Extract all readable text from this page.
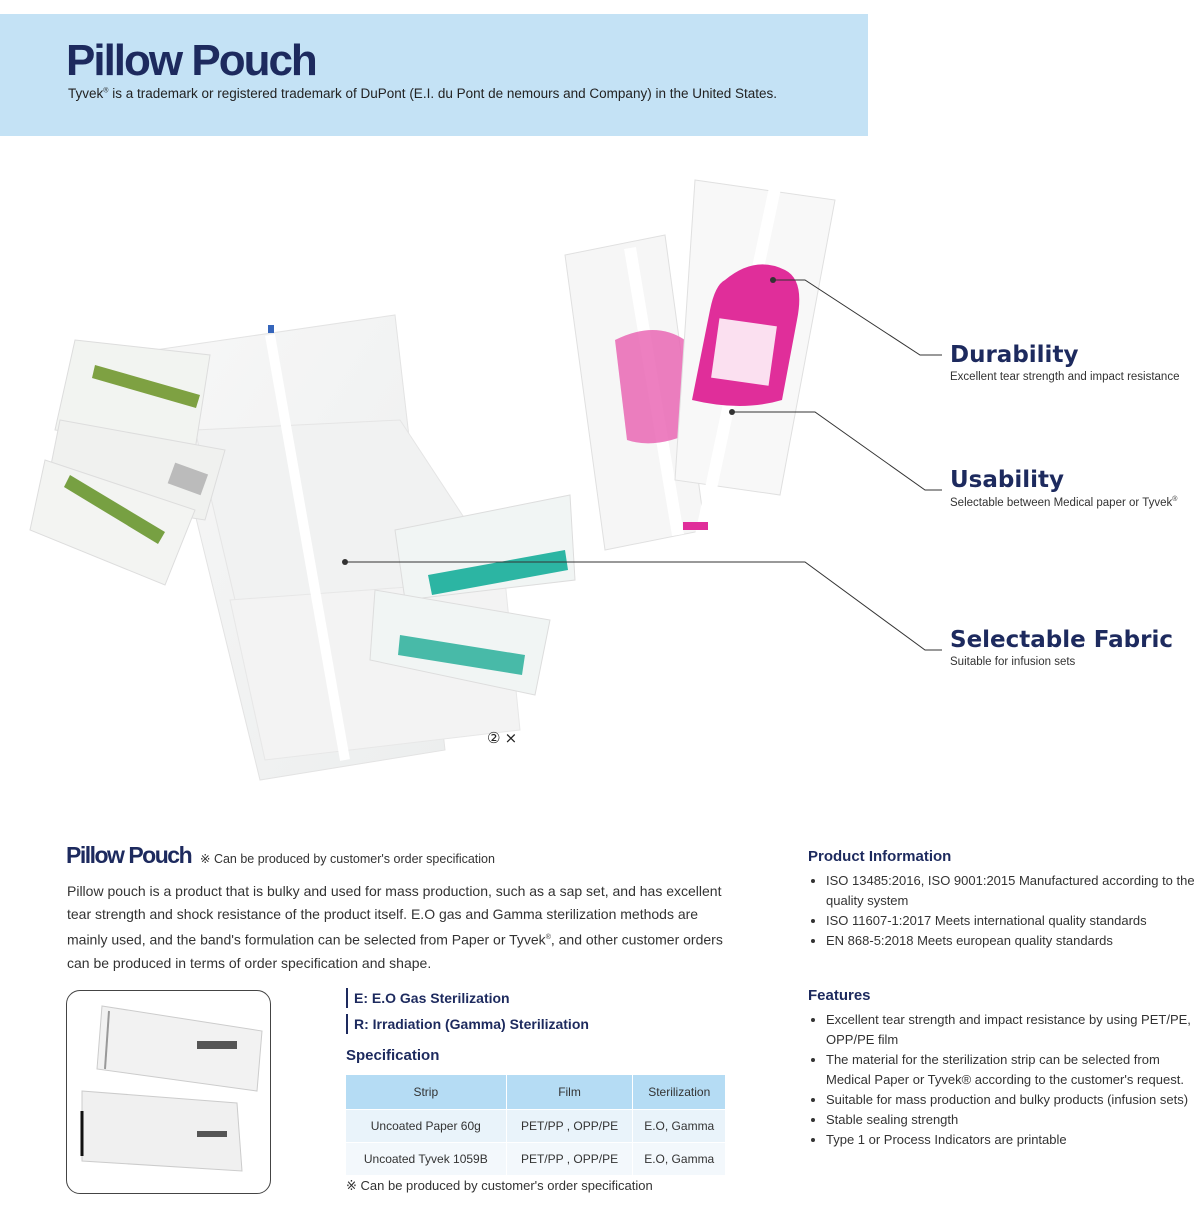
Pillow Pouch
Tyvek® is a trademark or registered trademark of DuPont (E.I. du Pont de nemours and Company) in the United States.
② ⨯
Durability
Excellent tear strength and impact resistance
Usability
Selectable between Medical paper or Tyvek®
Selectable Fabric
Suitable for infusion sets
Pillow Pouch ※ Can be produced by customer's order specification
Pillow pouch is a product that is bulky and used for mass production, such as a sap set, and has excellent tear strength and shock resistance of the product itself. E.O gas and Gamma sterilization methods are mainly used, and the band's formulation can be selected from Paper or Tyvek®, and other customer orders can be produced in terms of order specification and shape.
E: E.O Gas Sterilization
R: Irradiation (Gamma) Sterilization
Specification
Strip	Film	Sterilization
Uncoated Paper 60g	PET/PP , OPP/PE	E.O, Gamma
Uncoated Tyvek 1059B	PET/PP , OPP/PE	E.O, Gamma
※ Can be produced by customer's order specification
Product Information
• ISO 13485:2016, ISO 9001:2015 Manufactured according to the quality system
• ISO 11607-1:2017 Meets international quality standards
• EN 868-5:2018 Meets european quality standards
Features
• Excellent tear strength and impact resistance by using PET/PE, OPP/PE film
• The material for the sterilization strip can be selected from Medical Paper or Tyvek® according to the customer's request.
• Suitable for mass production and bulky products (infusion sets)
• Stable sealing strength
• Type 1 or Process Indicators are printable
